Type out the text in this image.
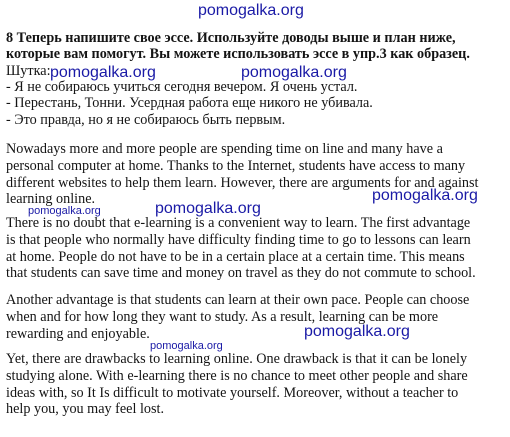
pomogalka.org
8 Теперь напишите свое эссе. Используйте доводы выше и план ниже,
которые вам помогут. Вы можете использовать эссе в упр.3 как образец.
Шутка: pomogalka.org	pomogalka.org
- Я не собираюсь учиться сегодня вечером. Я очень устал.
- Перестань, Тонни. Усердная работа еще никого не убивала.
- Это правда, но я не собираюсь быть первым.
Nowadays more and more people are spending time on line and many have a
personal computer at home. Thanks to the Internet, students have access to many
different websites to help them learn. However, there are arguments for and against
learning online.	pomogalka.org
pomogalka.org
pomogalka.org
There is no doubt that e-learning is a convenient way to learn. The first advantage
is that people who normally have difficulty finding time to go to lessons can learn
at home. People do not have to be in a certain place at a certain time. This means
that students can save time and money on travel as they do not commute to school.
Another advantage is that students can learn at their own pace. People can choose
when and for how long they want to study. As a result, learning can be more
rewarding and enjoyable.	pomogalka.org
pomogalka.org
Yet, there are drawbacks to learning online. One drawback is that it can be lonely
studying alone. With e-learning there is no chance to meet other people and share
ideas with, so It Is difficult to motivate yourself. Moreover, without a teacher to
help you, you may feel lost.
